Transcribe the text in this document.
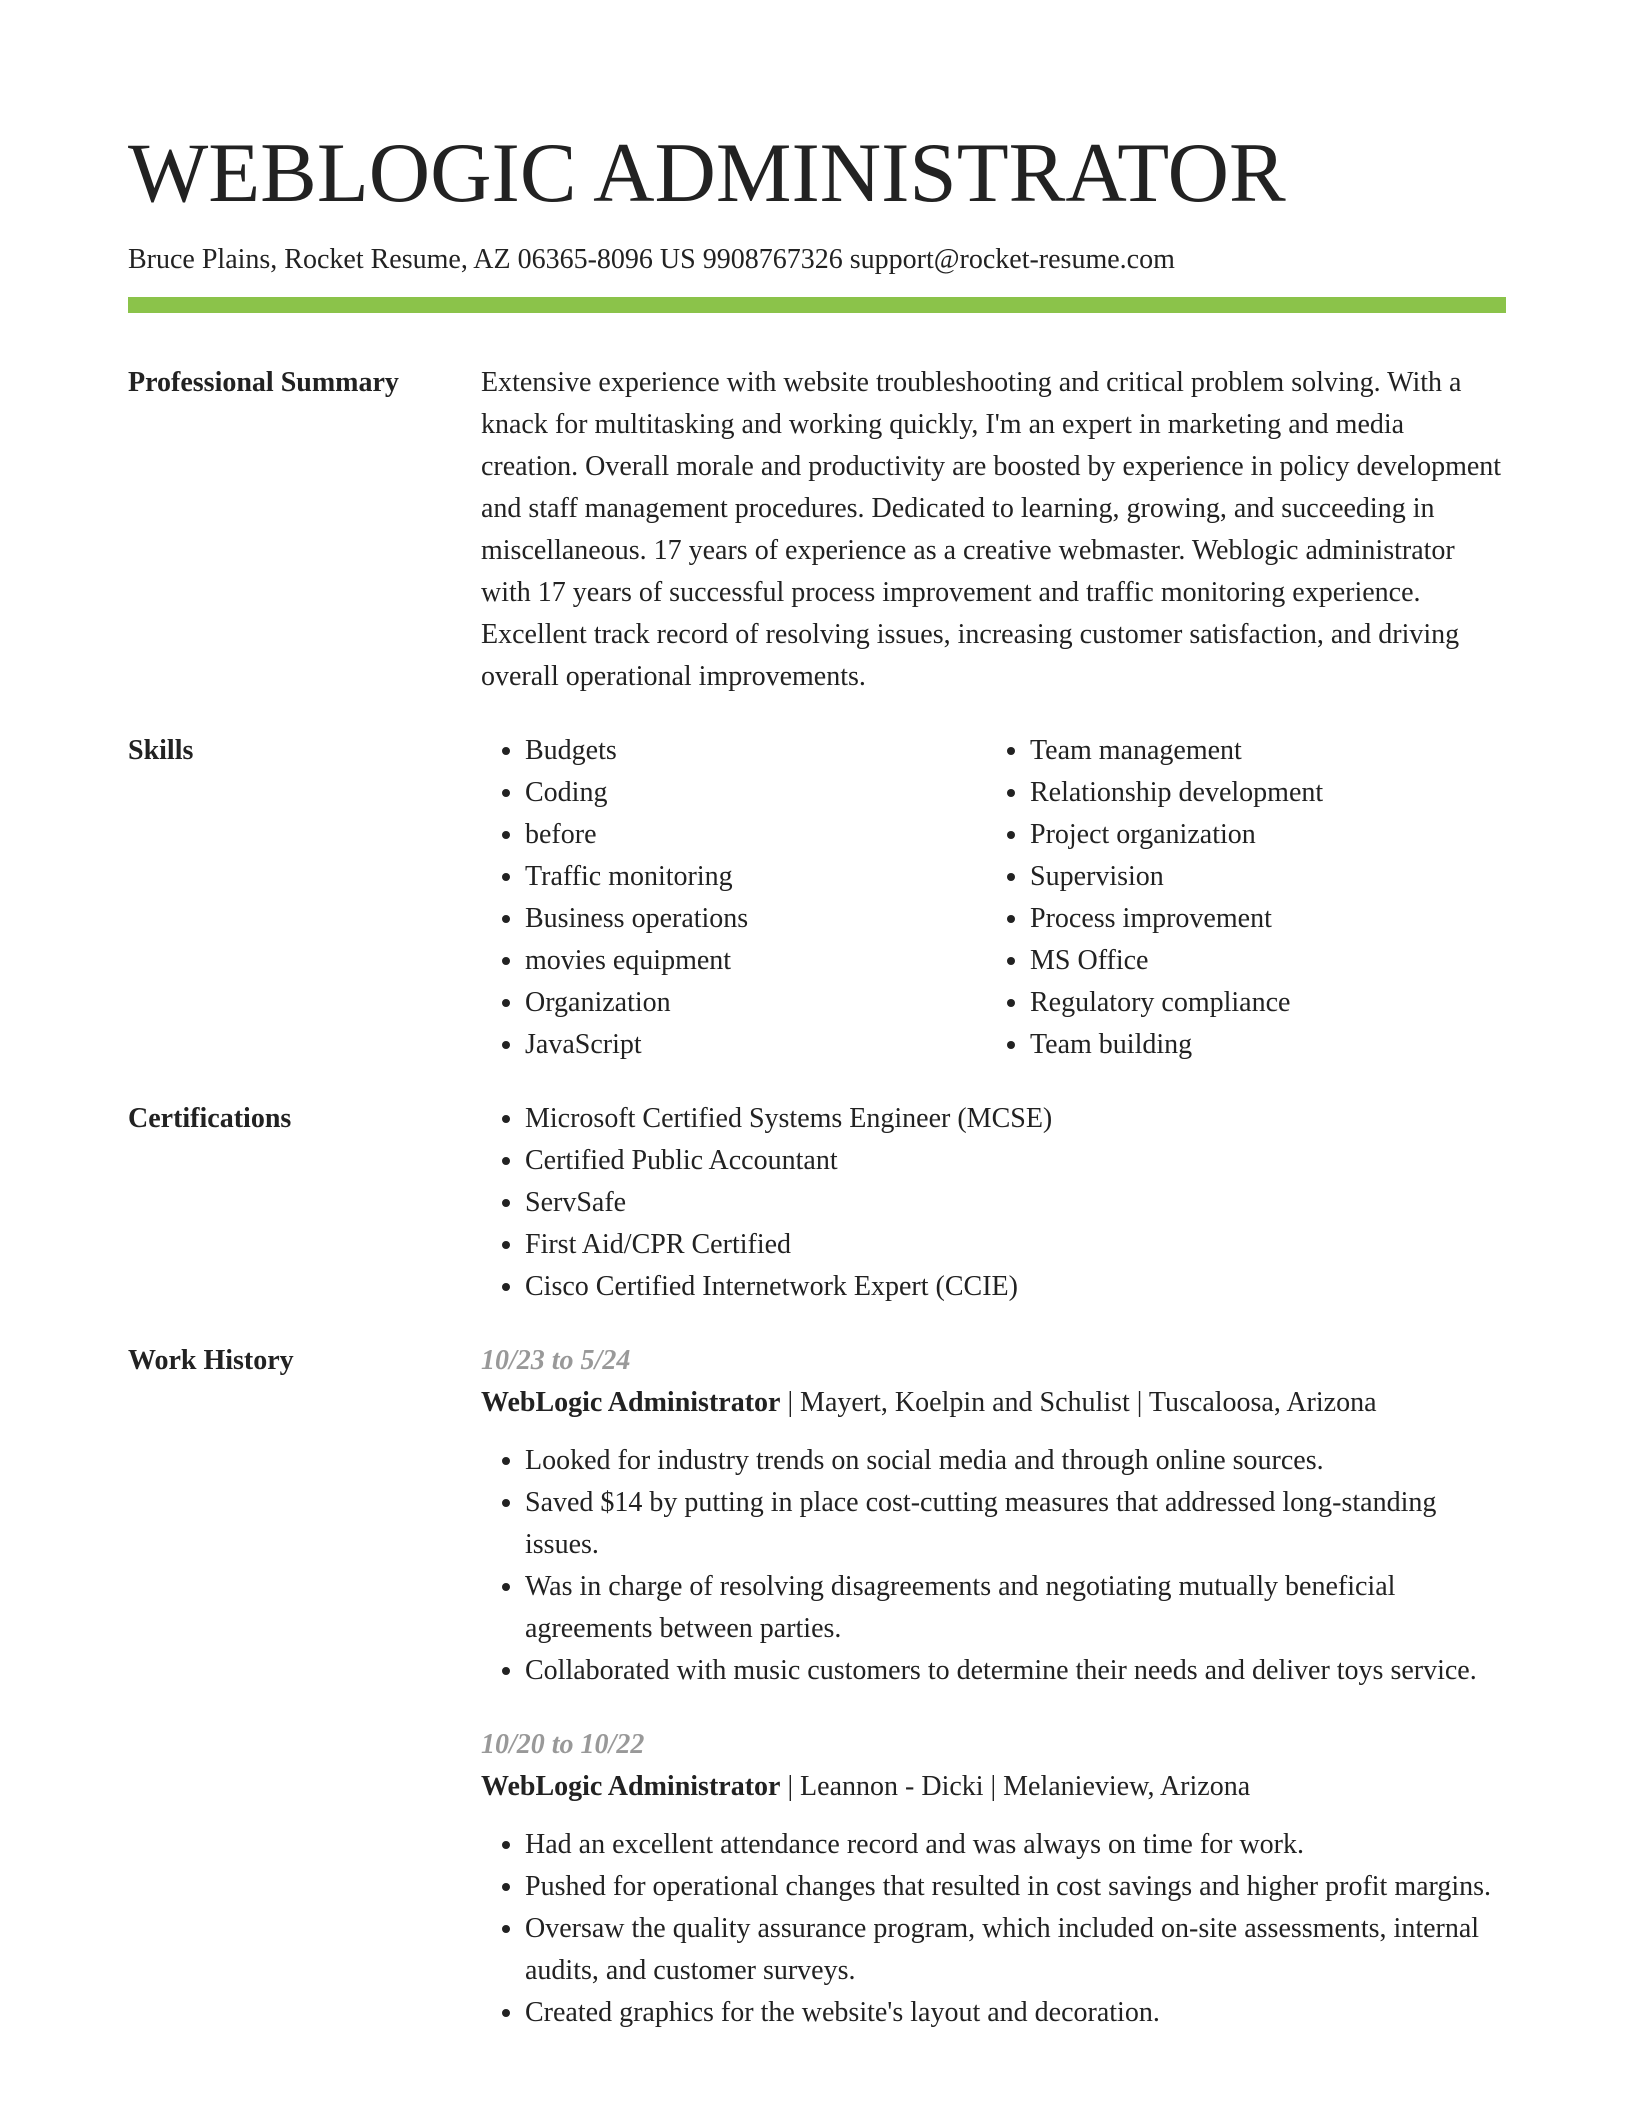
WEBLOGIC ADMINISTRATOR
Bruce Plains, Rocket Resume, AZ 06365-8096 US 9908767326 support@rocket-resume.com
Professional Summary	Extensive experience with website troubleshooting and critical problem solving. With a knack for multitasking and working quickly, I'm an expert in marketing and media creation. Overall morale and productivity are boosted by experience in policy development and staff management procedures. Dedicated to learning, growing, and succeeding in miscellaneous. 17 years of experience as a creative webmaster. Weblogic administrator with 17 years of successful process improvement and traffic monitoring experience. Excellent track record of resolving issues, increasing customer satisfaction, and driving overall operational improvements.

Skills	• Budgets
• Coding
• before
• Traffic monitoring
• Business operations
• movies equipment
• Organization
• JavaScript
• Team management
• Relationship development
• Project organization
• Supervision
• Process improvement
• MS Office
• Regulatory compliance
• Team building
Certifications	• Microsoft Certified Systems Engineer (MCSE)
• Certified Public Accountant
• ServSafe
• First Aid/CPR Certified
• Cisco Certified Internetwork Expert (CCIE)
Work History	10/23 to 5/24
WebLogic Administrator | Mayert, Koelpin and Schulist | Tuscaloosa, Arizona
• Looked for industry trends on social media and through online sources.
• Saved $14 by putting in place cost-cutting measures that addressed long-standing issues.
• Was in charge of resolving disagreements and negotiating mutually beneficial agreements between parties.
• Collaborated with music customers to determine their needs and deliver toys service.
10/20 to 10/22
WebLogic Administrator | Leannon - Dicki | Melanieview, Arizona
• Had an excellent attendance record and was always on time for work.
• Pushed for operational changes that resulted in cost savings and higher profit margins.
• Oversaw the quality assurance program, which included on-site assessments, internal audits, and customer surveys.
• Created graphics for the website's layout and decoration.
